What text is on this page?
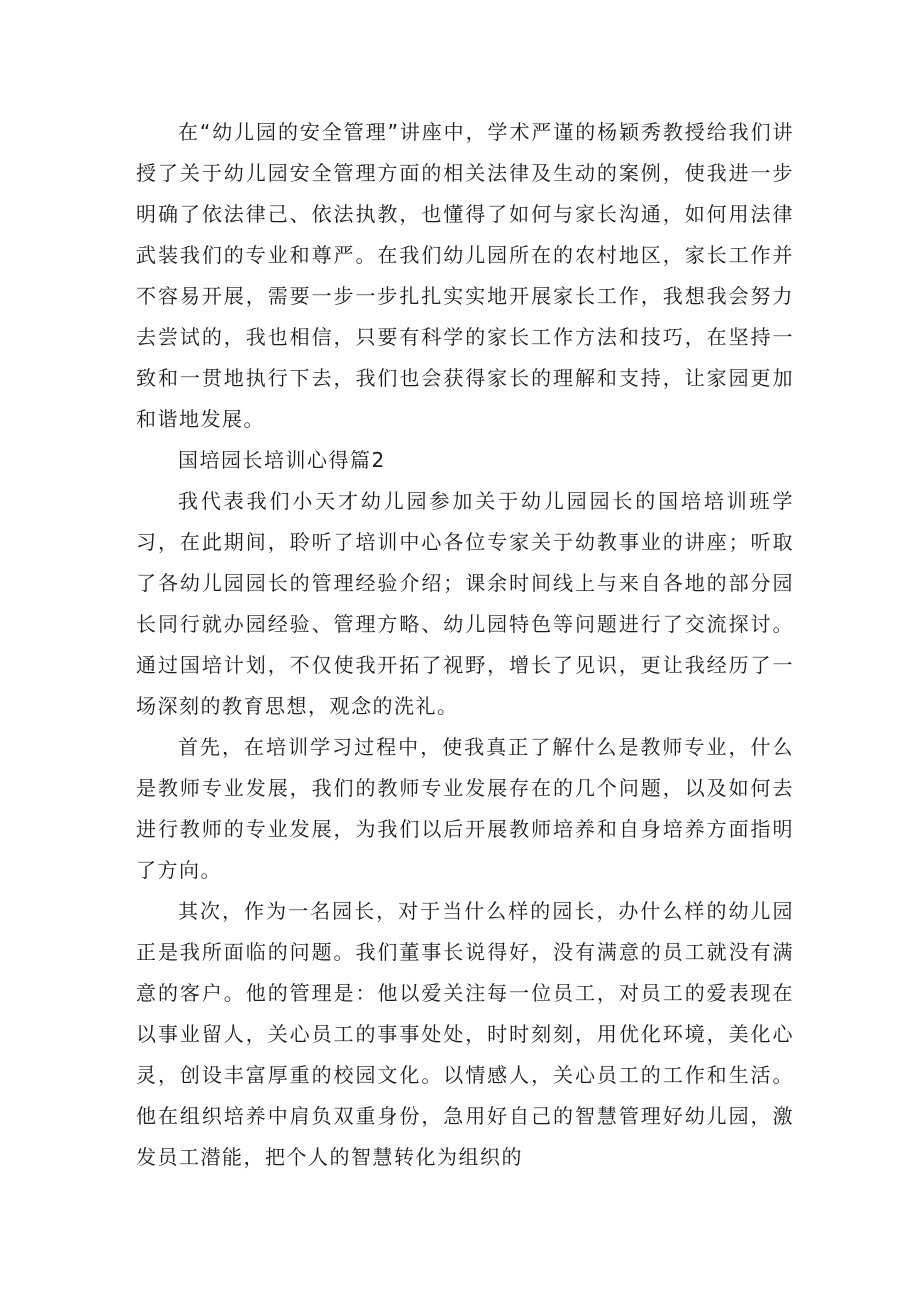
在“幼儿园的安全管理”讲座中，学术严谨的杨颖秀教授给我们讲授了关于幼儿园安全管理方面的相关法律及生动的案例，使我进一步明确了依法律己、依法执教，也懂得了如何与家长沟通，如何用法律武装我们的专业和尊严。在我们幼儿园所在的农村地区，家长工作并不容易开展，需要一步一步扎扎实实地开展家长工作，我想我会努力去尝试的，我也相信，只要有科学的家长工作方法和技巧，在坚持一致和一贯地执行下去，我们也会获得家长的理解和支持，让家园更加和谐地发展。

国培园长培训心得篇2

我代表我们小天才幼儿园参加关于幼儿园园长的国培培训班学习，在此期间，聆听了培训中心各位专家关于幼教事业的讲座；听取了各幼儿园园长的管理经验介绍；课余时间线上与来自各地的部分园长同行就办园经验、管理方略、幼儿园特色等问题进行了交流探讨。通过国培计划，不仅使我开拓了视野，增长了见识，更让我经历了一场深刻的教育思想，观念的洗礼。

首先，在培训学习过程中，使我真正了解什么是教师专业，什么是教师专业发展，我们的教师专业发展存在的几个问题，以及如何去进行教师的专业发展，为我们以后开展教师培养和自身培养方面指明了方向。

其次，作为一名园长，对于当什么样的园长，办什么样的幼儿园正是我所面临的问题。我们董事长说得好，没有满意的员工就没有满意的客户。他的管理是：他以爱关注每一位员工，对员工的爱表现在以事业留人，关心员工的事事处处，时时刻刻，用优化环境，美化心灵，创设丰富厚重的校园文化。以情感人，关心员工的工作和生活。他在组织培养中肩负双重身份，急用好自己的智慧管理好幼儿园，激发员工潜能，把个人的智慧转化为组织的
